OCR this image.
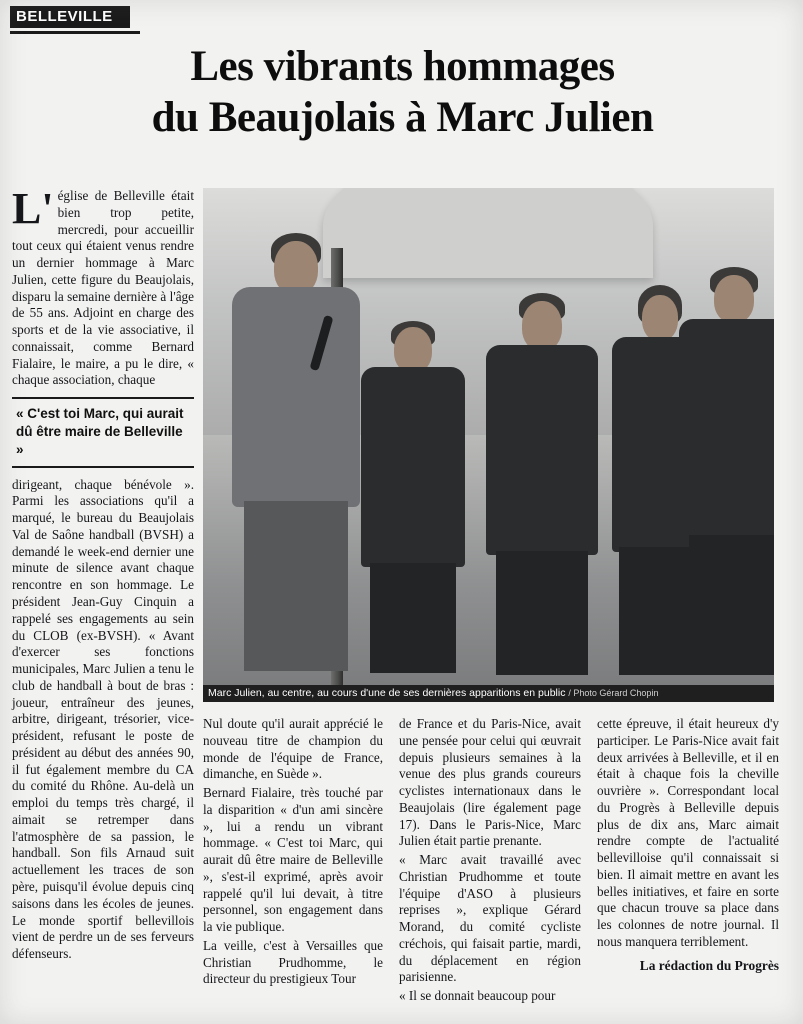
BELLEVILLE
Les vibrants hommages
du Beaujolais à Marc Julien
Marc Julien, au centre, au cours d'une de ses dernières apparitions en public / Photo Gérard Chopin

L'église de Belleville était bien trop petite, mercredi, pour accueillir tout ceux qui étaient venus rendre un dernier hommage à Marc Julien, cette figure du Beaujolais, disparu la semaine dernière à l'âge de 55 ans. Adjoint en charge des sports et de la vie associative, il connaissait, comme Bernard Fialaire, le maire, a pu le dire, « chaque association, chaque

« C'est toi Marc, qui aurait dû être maire de Belleville »

dirigeant, chaque bénévole ». Parmi les associations qu'il a marqué, le bureau du Beaujolais Val de Saône handball (BVSH) a demandé le week-end dernier une minute de silence avant chaque rencontre en son hommage. Le président Jean-Guy Cinquin a rappelé ses engagements au sein du CLOB (ex-BVSH). « Avant d'exercer ses fonctions municipales, Marc Julien a tenu le club de handball à bout de bras : joueur, entraîneur des jeunes, arbitre, dirigeant, trésorier, vice-président, refusant le poste de président au début des années 90, il fut également membre du CA du comité du Rhône. Au-delà un emploi du temps très chargé, il aimait se retremper dans l'atmosphère de sa passion, le handball. Son fils Arnaud suit actuellement les traces de son père, puisqu'il évolue depuis cinq saisons dans les écoles de jeunes. Le monde sportif bellevillois vient de perdre un de ses ferveurs défenseurs.

Nul doute qu'il aurait apprécié le nouveau titre de champion du monde de l'équipe de France, dimanche, en Suède ».

Bernard Fialaire, très touché par la disparition « d'un ami sincère », lui a rendu un vibrant hommage. « C'est toi Marc, qui aurait dû être maire de Belleville », s'est-il exprimé, après avoir rappelé qu'il lui devait, à titre personnel, son engagement dans la vie publique.

La veille, c'est à Versailles que Christian Prudhomme, le directeur du prestigieux Tour

de France et du Paris-Nice, avait une pensée pour celui qui œuvrait depuis plusieurs semaines à la venue des plus grands coureurs cyclistes internationaux dans le Beaujolais (lire également page 17). Dans le Paris-Nice, Marc Julien était partie prenante.

« Marc avait travaillé avec Christian Prudhomme et toute l'équipe d'ASO à plusieurs reprises », explique Gérard Morand, du comité cycliste créchois, qui faisait partie, mardi, du déplacement en région parisienne.

« Il se donnait beaucoup pour

cette épreuve, il était heureux d'y participer. Le Paris-Nice avait fait deux arrivées à Belleville, et il en était à chaque fois la cheville ouvrière ». Correspondant local du Progrès à Belleville depuis plus de dix ans, Marc aimait rendre compte de l'actualité bellevilloise qu'il connaissait si bien. Il aimait mettre en avant les belles initiatives, et faire en sorte que chacun trouve sa place dans les colonnes de notre journal. Il nous manquera terriblement.

La rédaction du Progrès
